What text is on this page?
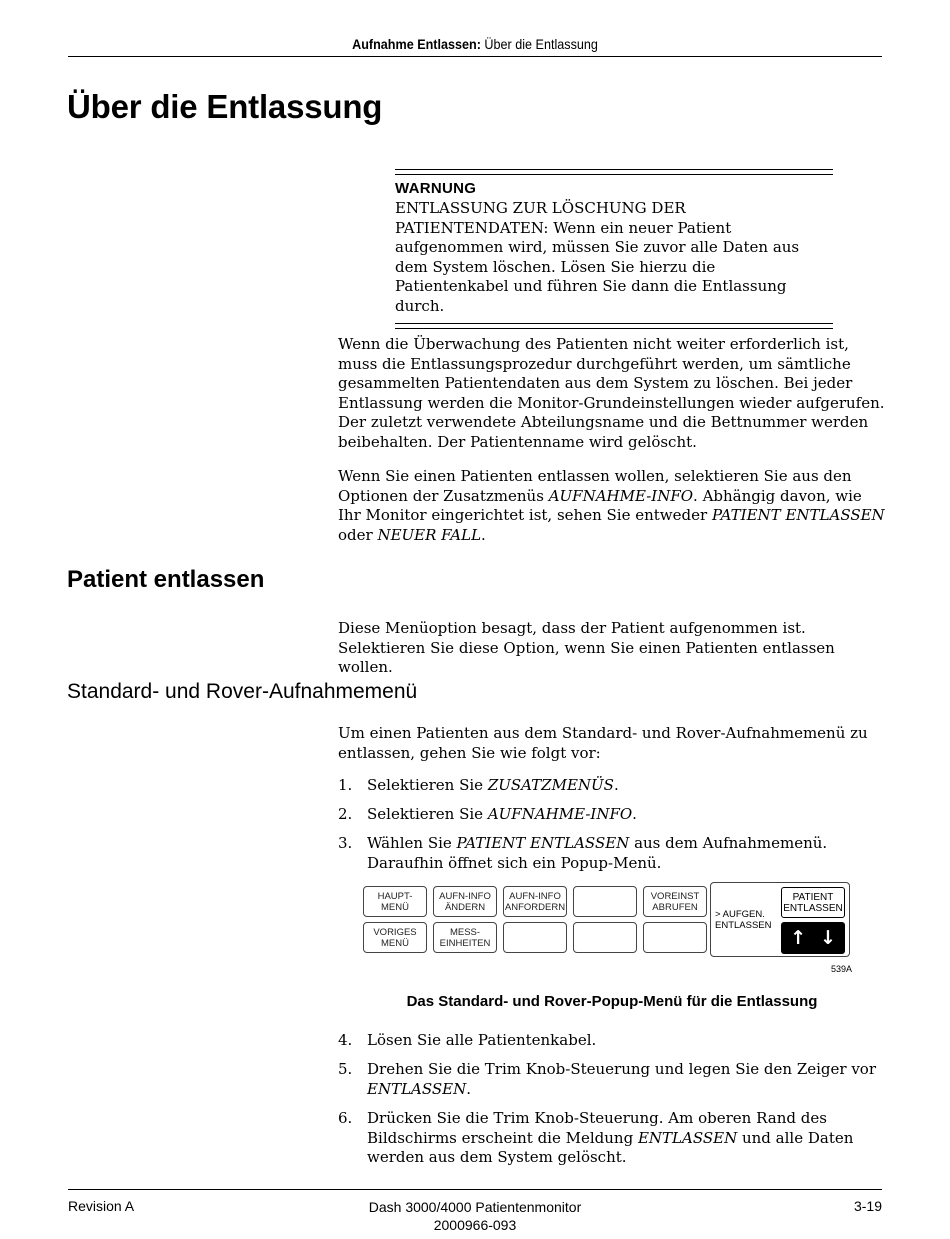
Aufnahme Entlassen: Über die Entlassung
Über die Entlassung
WARNUNG
ENTLASSUNG ZUR LÖSCHUNG DER PATIENTENDATEN: Wenn ein neuer Patient aufgenommen wird, müssen Sie zuvor alle Daten aus dem System löschen. Lösen Sie hierzu die Patientenkabel und führen Sie dann die Entlassung durch.
Wenn die Überwachung des Patienten nicht weiter erforderlich ist, muss die Entlassungsprozedur durchgeführt werden, um sämtliche gesammelten Patientendaten aus dem System zu löschen. Bei jeder Entlassung werden die Monitor-Grundeinstellungen wieder aufgerufen. Der zuletzt verwendete Abteilungsname und die Bettnummer werden beibehalten. Der Patientenname wird gelöscht.
Wenn Sie einen Patienten entlassen wollen, selektieren Sie aus den Optionen der Zusatzmenüs AUFNAHME-INFO. Abhängig davon, wie Ihr Monitor eingerichtet ist, sehen Sie entweder PATIENT ENTLASSEN oder NEUER FALL.
Patient entlassen
Diese Menüoption besagt, dass der Patient aufgenommen ist. Selektieren Sie diese Option, wenn Sie einen Patienten entlassen wollen.
Standard- und Rover-Aufnahmemenü
Um einen Patienten aus dem Standard- und Rover-Aufnahmemenü zu entlassen, gehen Sie wie folgt vor:
1. Selektieren Sie ZUSATZMENÜS.
2. Selektieren Sie AUFNAHME-INFO.
3. Wählen Sie PATIENT ENTLASSEN aus dem Aufnahmemenü. Daraufhin öffnet sich ein Popup-Menü.
HAUPT-
MENÜ
AUFN-INFO
ÄNDERN
AUFN-INFO
ANFORDERN
VOREINST
ABRUFEN
VORIGES
MENÜ
MESS-
EINHEITEN
> AUFGEN.
ENTLASSEN
PATIENT
ENTLASSEN
↑ ↓
539A
Das Standard- und Rover-Popup-Menü für die Entlassung
4. Lösen Sie alle Patientenkabel.
5. Drehen Sie die Trim Knob-Steuerung und legen Sie den Zeiger vor ENTLASSEN.
6. Drücken Sie die Trim Knob-Steuerung. Am oberen Rand des Bildschirms erscheint die Meldung ENTLASSEN und alle Daten werden aus dem System gelöscht.
Revision A	Dash 3000/4000 Patientenmonitor
2000966-093
3-19
